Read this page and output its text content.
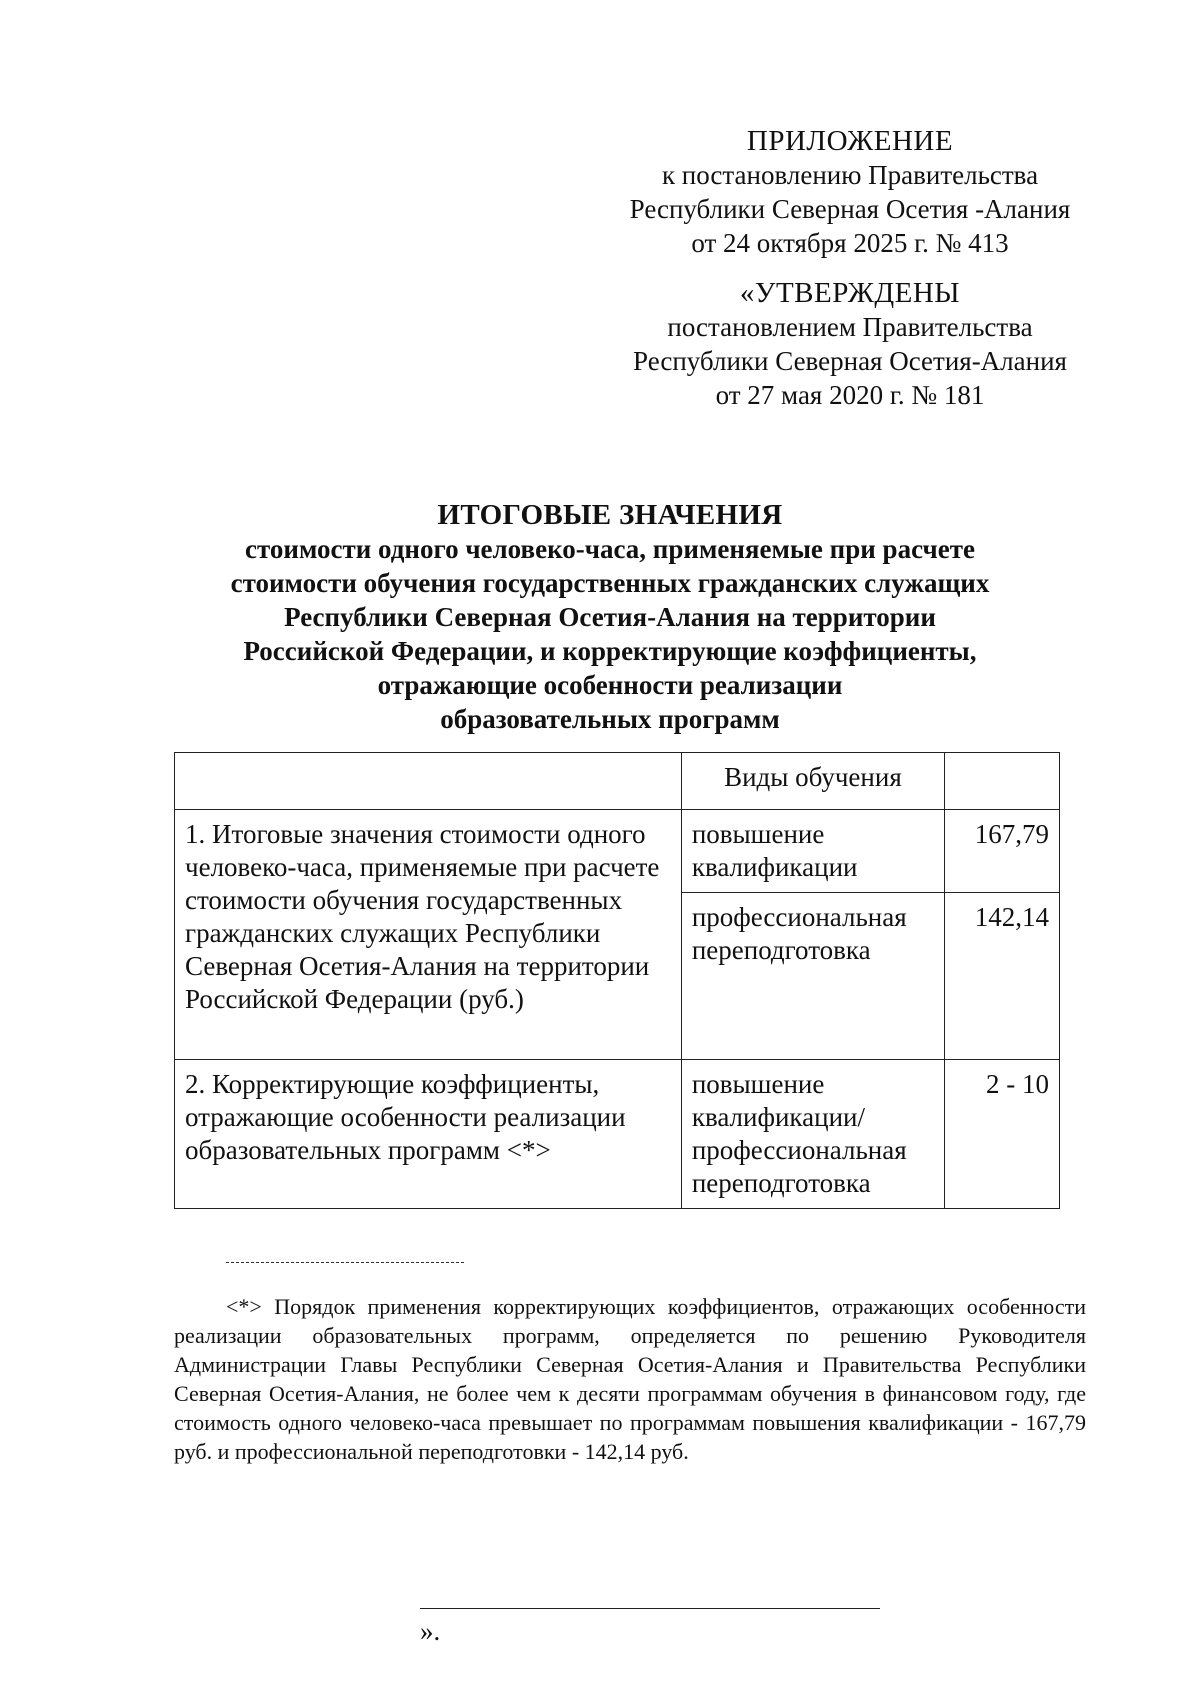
ПРИЛОЖЕНИЕ
к постановлению Правительства
Республики Северная Осетия -Алания
от 24 октября 2025 г. № 413
«УТВЕРЖДЕНЫ
постановлением Правительства
Республики Северная Осетия-Алания
от 27 мая 2020 г. № 181
ИТОГОВЫЕ ЗНАЧЕНИЯ
стоимости одного человеко-часа, применяемые при расчете
стоимости обучения государственных гражданских служащих
Республики Северная Осетия-Алания на территории
Российской Федерации, и корректирующие коэффициенты,
отражающие особенности реализации
образовательных программ
	Виды обучения	
1. Итоговые значения стоимости одного человеко-часа, применяемые при расчете стоимости обучения государственных гражданских служащих Республики Северная Осетия-Алания на территории Российской Федерации (руб.)	повышение квалификации	167,79
	профессиональная переподготовка	142,14
2. Корректирующие коэффициенты, отражающие особенности реализации образовательных программ <*>	повышение квалификации/ профессиональная переподготовка	2 - 10
<*> Порядок применения корректирующих коэффициентов, отражающих особенности реализации образовательных программ, определяется по решению Руководителя Администрации Главы Республики Северная Осетия-Алания и Правительства Республики Северная Осетия-Алания, не более чем к десяти программам обучения в финансовом году, где стоимость одного человеко-часа превышает по программам повышения квалификации - 167,79 руб. и профессиональной переподготовки - 142,14 руб.
».
